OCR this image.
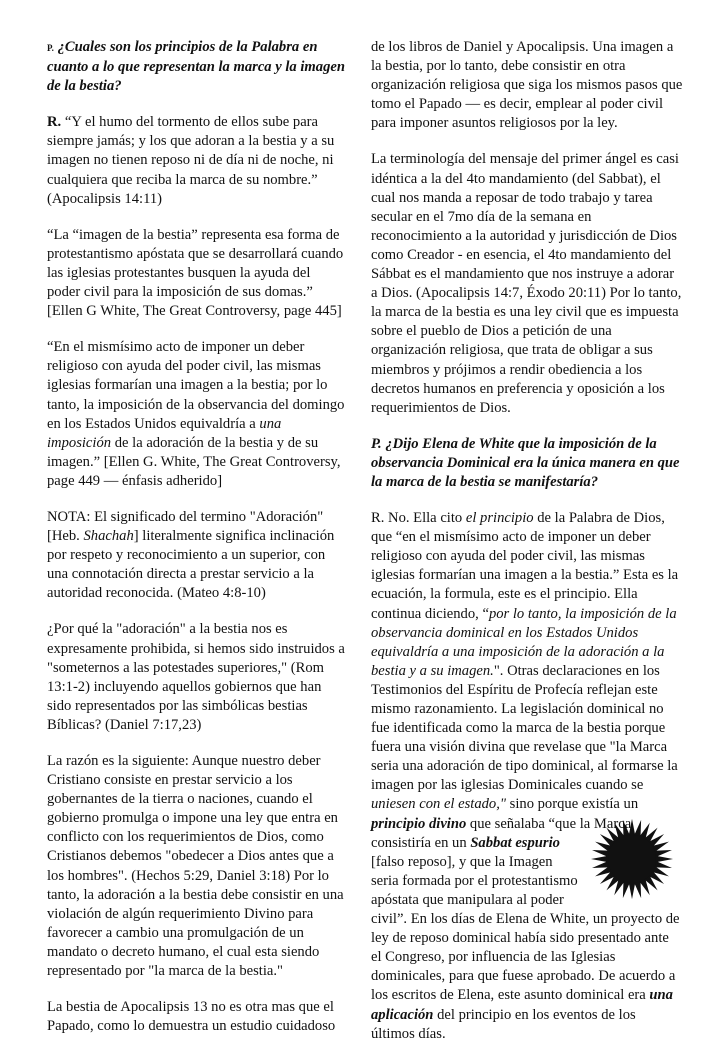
P. ¿Cuales son los principios de la Palabra en cuanto a lo que representan la marca y la imagen de la bestia?

R. “Y el humo del tormento de ellos sube para siempre jamás; y los que adoran a la bestia y a su imagen no tienen reposo ni de día ni de noche, ni cualquiera que reciba la marca de su nombre.” (Apocalipsis 14:11)

“La “imagen de la bestia” representa esa forma de protestantismo apóstata que se desarrollará cuando las iglesias protestantes busquen la ayuda del poder civil para la imposición de sus domas.” [Ellen G White, The Great Controversy, page 445]

“En el mismísimo acto de imponer un deber religioso con ayuda del poder civil, las mismas iglesias formarían una imagen a la bestia; por lo tanto, la imposición de la observancia del domingo en los Estados Unidos equivaldría a una imposición de la adoración de la bestia y de su imagen.” [Ellen G. White, The Great Controversy, page 449 — énfasis adherido]

NOTA: El significado del termino "Adoración" [Heb. Shachah] literalmente significa inclinación por respeto y reconocimiento a un superior, con una connotación directa a prestar servicio a la autoridad reconocida. (Mateo 4:8-10)

¿Por qué la "adoración" a la bestia nos es expresamente prohibida, si hemos sido instruidos a "someternos a las potestades superiores," (Rom 13:1-2) incluyendo aquellos gobiernos que han sido representados por las simbólicas bestias Bíblicas? (Daniel 7:17,23)

La razón es la siguiente: Aunque nuestro deber Cristiano consiste en prestar servicio a los gobernantes de la tierra o naciones, cuando el gobierno promulga o impone una ley que entra en conflicto con los requerimientos de Dios, como Cristianos debemos "obedecer a Dios antes que a los hombres". (Hechos 5:29, Daniel 3:18) Por lo tanto, la adoración a la bestia debe consistir en una violación de algún requerimiento Divino para favorecer a cambio una promulgación de un mandato o decreto humano, el cual esta siendo representado por "la marca de la bestia."

La bestia de Apocalipsis 13 no es otra mas que el Papado, como lo demuestra un estudio cuidadoso

de los libros de Daniel y Apocalipsis. Una imagen a la bestia, por lo tanto, debe consistir en otra organización religiosa que siga los mismos pasos que tomo el Papado — es decir, emplear al poder civil para imponer asuntos religiosos por la ley.

La terminología del mensaje del primer ángel es casi idéntica a la del 4to mandamiento (del Sabbat), el cual nos manda a reposar de todo trabajo y tarea secular en el 7mo día de la semana en reconocimiento a la autoridad y jurisdicción de Dios como Creador - en esencia, el 4to mandamiento del Sábbat es el mandamiento que nos instruye a adorar a Dios. (Apocalipsis 14:7, Éxodo 20:11) Por lo tanto, la marca de la bestia es una ley civil que es impuesta sobre el pueblo de Dios a petición de una organización religiosa, que trata de obligar a sus miembros y prójimos a rendir obediencia a los decretos humanos en preferencia y oposición a los requerimientos de Dios.

P. ¿Dijo Elena de White que la imposición de la observancia Dominical era la única manera en que la marca de la bestia se manifestaría?

R. No. Ella cito el principio de la Palabra de Dios, que “en el mismísimo acto de imponer un deber religioso con ayuda del poder civil, las mismas iglesias formarían una imagen a la bestia.” Esta es la ecuación, la formula, este es el principio. Ella continua diciendo, “por lo tanto, la imposición de la observancia dominical en los Estados Unidos equivaldría a una imposición de la adoración a la bestia y a su imagen.". Otras declaraciones en los Testimonios del Espíritu de Profecía reflejan este mismo razonamiento. La legislación dominical no fue identificada como la marca de la bestia porque fuera una visión divina que revelase que "la Marca seria una adoración de tipo dominical, al formarse la imagen por las iglesias Dominicales cuando se uniesen con el estado," sino porque existía un principio divino
que señalaba “que la Marca consistiría en un Sabbat espurio [falso reposo], y que la Imagen seria formada por el protestantismo apóstata que manipulara al poder civil”. En los días de Elena de White, un proyecto de ley de reposo dominical había sido presentado ante el Congreso, por influencia de las Iglesias dominicales, para que fuese aprobado. De acuerdo a los escritos de Elena, este asunto dominical era una aplicación del principio en los eventos de los últimos días.
